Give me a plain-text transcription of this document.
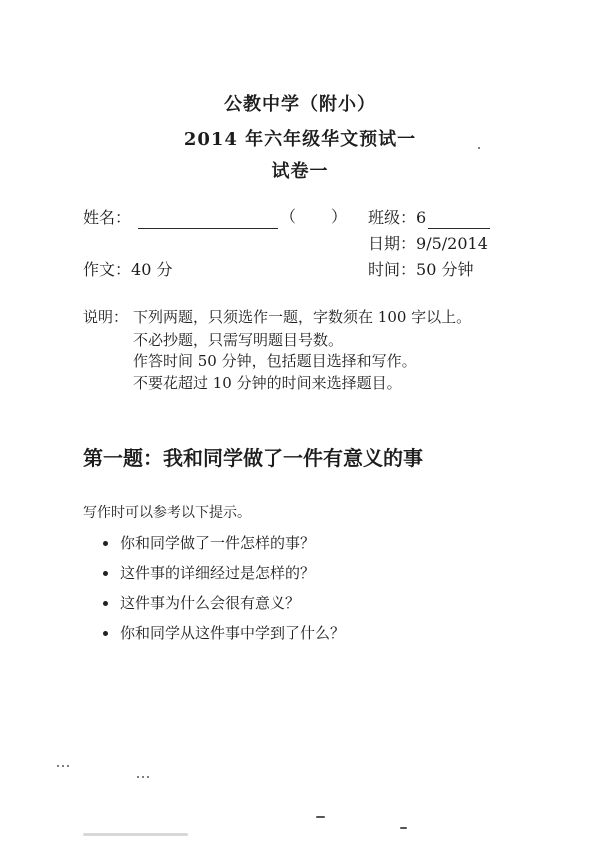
公教中学（附小）
2014 年六年级华文预试一
试卷一
姓名：	（ ） 班级：6
日期：9/5/2014
作文：40 分	时间：50 分钟
说明： 下列两题，只须选作一题，字数须在 100 字以上。
不必抄题，只需写明题目号数。
作答时间 50 分钟，包括题目选择和写作。
不要花超过 10 分钟的时间来选择题目。
第一题：我和同学做了一件有意义的事
写作时可以参考以下提示。
你和同学做了一件怎样的事？
这件事的详细经过是怎样的？
这件事为什么会很有意义？
你和同学从这件事中学到了什么？
